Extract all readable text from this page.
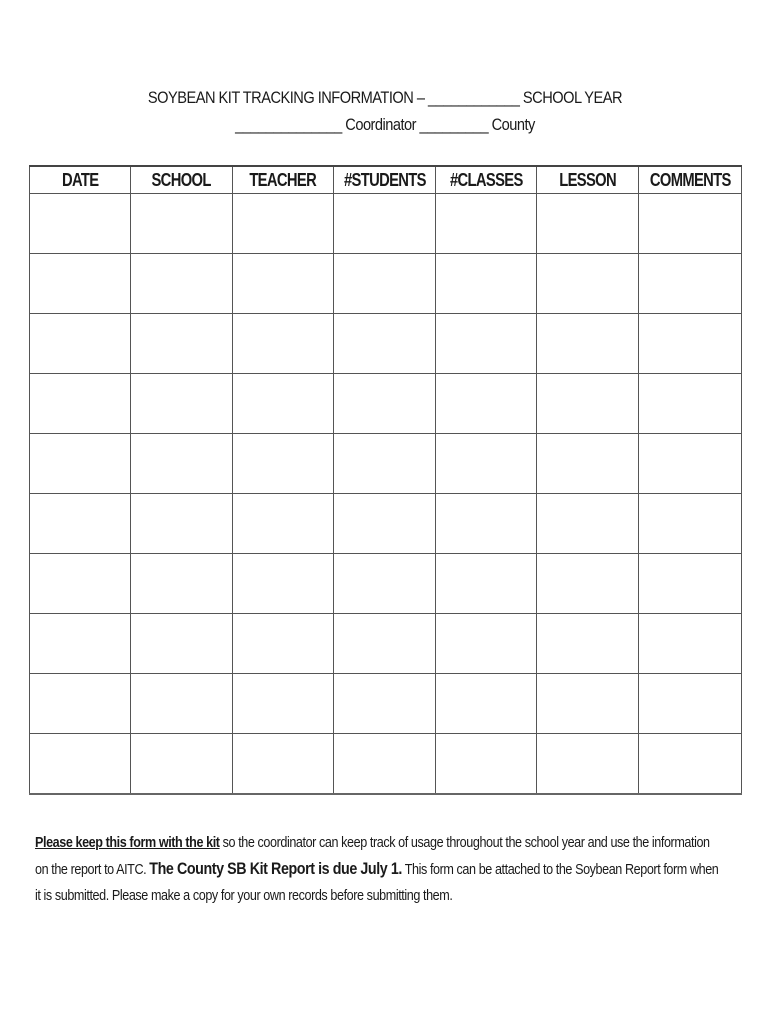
SOYBEAN KIT TRACKING INFORMATION – ____________ SCHOOL YEAR
______________ Coordinator _________ County
DATE	SCHOOL	TEACHER	#STUDENTS	#CLASSES	LESSON	COMMENTS

Please keep this form with the kit so the coordinator can keep track of usage throughout the school year and use the information on the report to AITC. The County SB Kit Report is due July 1. This form can be attached to the Soybean Report form when it is submitted. Please make a copy for your own records before submitting them.
